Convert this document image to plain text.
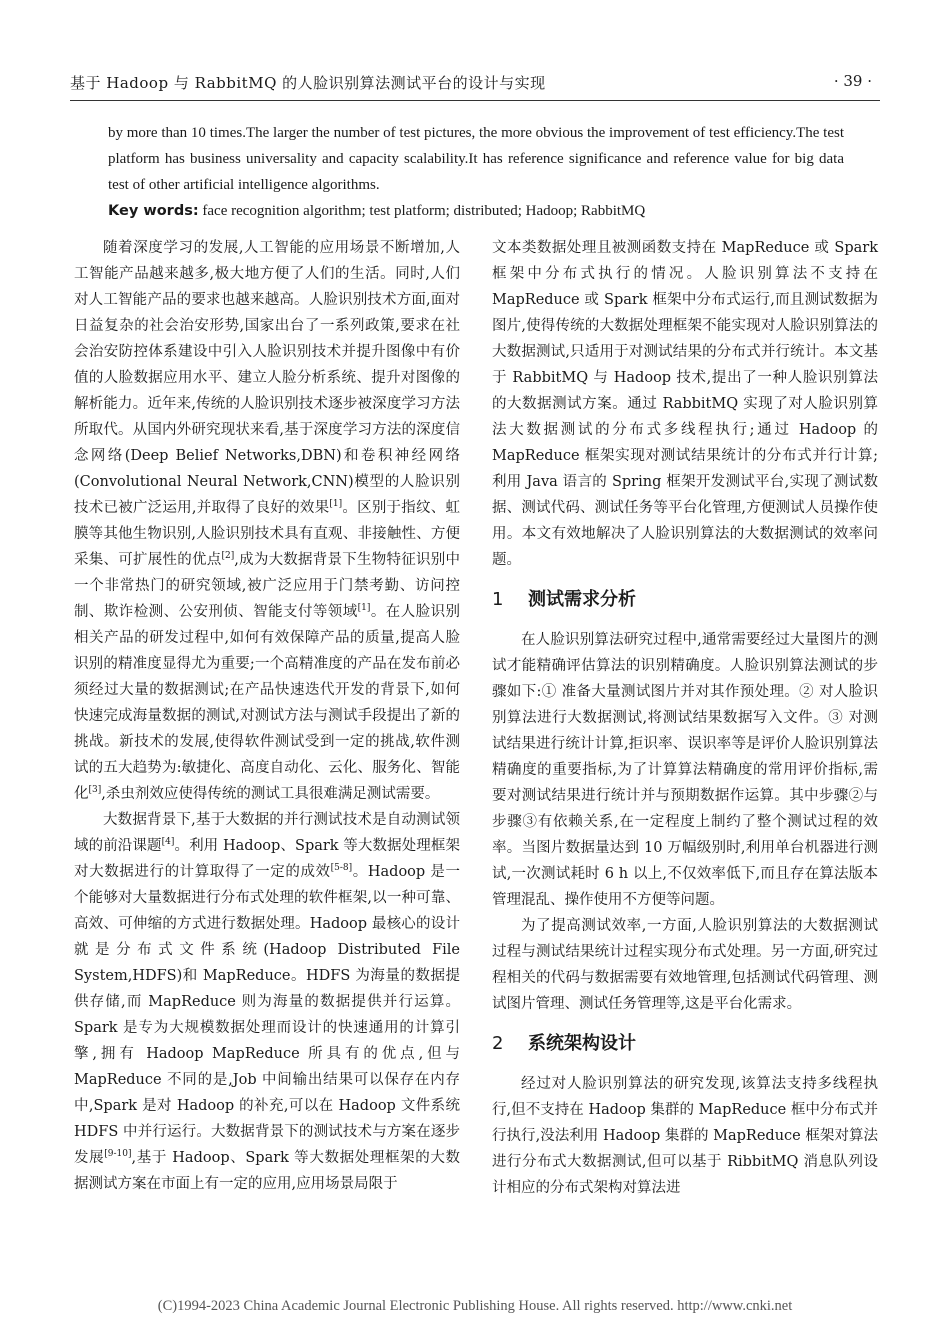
基于 Hadoop 与 RabbitMQ 的人脸识别算法测试平台的设计与实现	· 39 ·

by more than 10 times.The larger the number of test pictures, the more obvious the improvement of test efficiency.The test platform has business universality and capacity scalability.It has reference significance and reference value for big data test of other artificial intelligence algorithms.

Key words: face recognition algorithm; test platform; distributed; Hadoop; RabbitMQ

随着深度学习的发展,人工智能的应用场景不断增加,人工智能产品越来越多,极大地方便了人们的生活。同时,人们对人工智能产品的要求也越来越高。人脸识别技术方面,面对日益复杂的社会治安形势,国家出台了一系列政策,要求在社会治安防控体系建设中引入人脸识别技术并提升图像中有价值的人脸数据应用水平、建立人脸分析系统、提升对图像的解析能力。近年来,传统的人脸识别技术逐步被深度学习方法所取代。从国内外研究现状来看,基于深度学习方法的深度信念网络(Deep Belief Networks,DBN)和卷积神经网络(Convolutional Neural Network,CNN)模型的人脸识别技术已被广泛运用,并取得了良好的效果[1]。区别于指纹、虹膜等其他生物识别,人脸识别技术具有直观、非接触性、方便采集、可扩展性的优点[2],成为大数据背景下生物特征识别中一个非常热门的研究领域,被广泛应用于门禁考勤、访问控制、欺诈检测、公安刑侦、智能支付等领域[1]。在人脸识别相关产品的研发过程中,如何有效保障产品的质量,提高人脸识别的精准度显得尤为重要;一个高精准度的产品在发布前必须经过大量的数据测试;在产品快速迭代开发的背景下,如何快速完成海量数据的测试,对测试方法与测试手段提出了新的挑战。新技术的发展,使得软件测试受到一定的挑战,软件测试的五大趋势为:敏捷化、高度自动化、云化、服务化、智能化[3],杀虫剂效应使得传统的测试工具很难满足测试需要。

大数据背景下,基于大数据的并行测试技术是自动测试领域的前沿课题[4]。利用 Hadoop、Spark 等大数据处理框架对大数据进行的计算取得了一定的成效[5-8]。Hadoop 是一个能够对大量数据进行分布式处理的软件框架,以一种可靠、高效、可伸缩的方式进行数据处理。Hadoop 最核心的设计就是分布式文件系统(Hadoop Distributed File System,HDFS)和 MapReduce。HDFS 为海量的数据提供存储,而 MapReduce 则为海量的数据提供并行运算。Spark 是专为大规模数据处理而设计的快速通用的计算引擎,拥有 Hadoop MapReduce 所具有的优点,但与 MapReduce 不同的是,Job 中间输出结果可以保存在内存中,Spark 是对 Hadoop 的补充,可以在 Hadoop 文件系统 HDFS 中并行运行。大数据背景下的测试技术与方案在逐步发展[9-10],基于 Hadoop、Spark 等大数据处理框架的大数据测试方案在市面上有一定的应用,应用场景局限于

文本类数据处理且被测函数支持在 MapReduce 或 Spark 框架中分布式执行的情况。人脸识别算法不支持在 MapReduce 或 Spark 框架中分布式运行,而且测试数据为图片,使得传统的大数据处理框架不能实现对人脸识别算法的大数据测试,只适用于对测试结果的分布式并行统计。本文基于 RabbitMQ 与 Hadoop 技术,提出了一种人脸识别算法的大数据测试方案。通过 RabbitMQ 实现了对人脸识别算法大数据测试的分布式多线程执行;通过 Hadoop 的 MapReduce 框架实现对测试结果统计的分布式并行计算;利用 Java 语言的 Spring 框架开发测试平台,实现了测试数据、测试代码、测试任务等平台化管理,方便测试人员操作使用。本文有效地解决了人脸识别算法的大数据测试的效率问题。

1	测试需求分析

在人脸识别算法研究过程中,通常需要经过大量图片的测试才能精确评估算法的识别精确度。人脸识别算法测试的步骤如下:① 准备大量测试图片并对其作预处理。② 对人脸识别算法进行大数据测试,将测试结果数据写入文件。③ 对测试结果进行统计计算,拒识率、误识率等是评价人脸识别算法精确度的重要指标,为了计算算法精确度的常用评价指标,需要对测试结果进行统计并与预期数据作运算。其中步骤②与步骤③有依赖关系,在一定程度上制约了整个测试过程的效率。当图片数据量达到 10 万幅级别时,利用单台机器进行测试,一次测试耗时 6 h 以上,不仅效率低下,而且存在算法版本管理混乱、操作使用不方便等问题。

为了提高测试效率,一方面,人脸识别算法的大数据测试过程与测试结果统计过程实现分布式处理。另一方面,研究过程相关的代码与数据需要有效地管理,包括测试代码管理、测试图片管理、测试任务管理等,这是平台化需求。

2	系统架构设计

经过对人脸识别算法的研究发现,该算法支持多线程执行,但不支持在 Hadoop 集群的 MapReduce 框中分布式并行执行,没法利用 Hadoop 集群的 MapReduce 框架对算法进行分布式大数据测试,但可以基于 RibbitMQ 消息队列设计相应的分布式架构对算法进

(C)1994-2023 China Academic Journal Electronic Publishing House. All rights reserved. http://www.cnki.net
